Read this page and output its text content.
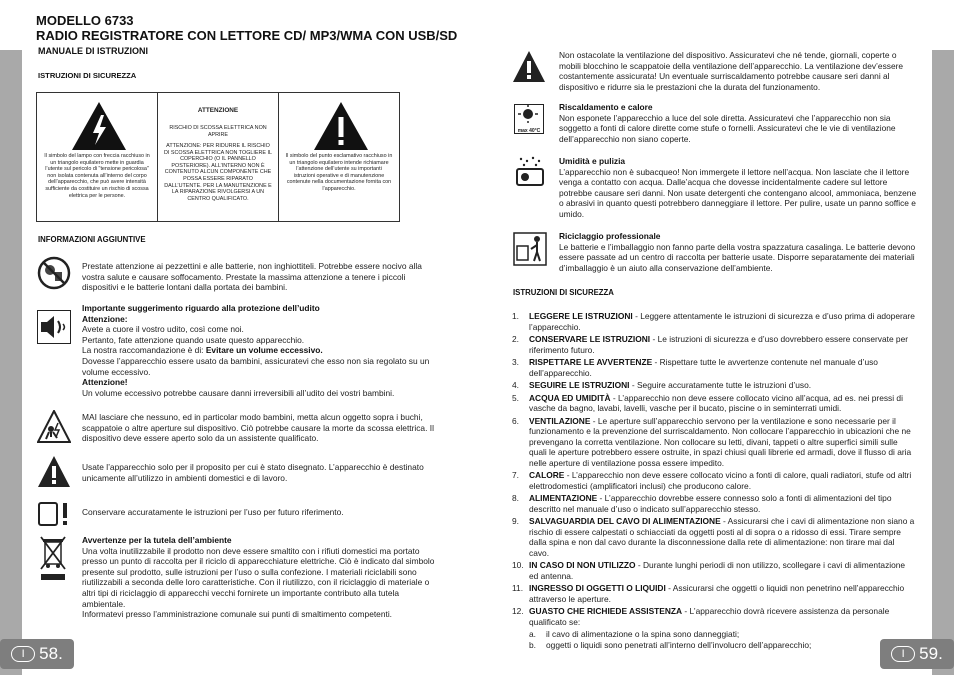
MODELLO 6733
RADIO REGISTRATORE CON LETTORE CD/ MP3/WMA CON USB/SD
MANUALE DI ISTRUZIONI
ISTRUZIONI DI SICUREZZA
Il simbolo del lampo con freccia racchiuso in un triangolo equilatero mette in guardia l’utente sul pericolo di "tensione pericolosa" non isolata contenuta all’interno del corpo dell’apparecchio, che può avere intensità sufficiente da costituire un rischio di scossa elettrica per le persone.
ATTENZIONE
RISCHIO DI SCOSSA ELETTRICA NON APRIRE
ATTENZIONE: PER RIDURRE IL RISCHIO DI SCOSSA ELETTRICA NON TOGLIERE IL COPERCHIO (O IL PANNELLO POSTERIORE). ALL’INTERNO NON È CONTENUTO ALCUN COMPONENTE CHE POSSA ESSERE RIPARATO DALL’UTENTE. PER LA MANUTENZIONE E LA RIPARAZIONE RIVOLGERSI A UN CENTRO QUALIFICATO.
Il simbolo del punto esclamativo racchiuso in un triangolo equilatero intende richiamare l’attenzione dell’utente su importanti istruzioni operative e di manutenzione contenute nella documentazione fornita con l’apparecchio.
INFORMAZIONI AGGIUNTIVE
Prestate attenzione ai pezzettini e alle batterie, non inghiottiteli. Potrebbe essere nocivo alla vostra salute e causare soffocamento. Prestate la massima attenzione a tenere i piccoli dispositivi e le batterie lontani dalla portata dei bambini.
Importante suggerimento riguardo alla protezione dell’udito
Attenzione:
Avete a cuore il vostro udito, così come noi.
Pertanto, fate attenzione quando usate questo apparecchio.
La nostra raccomandazione è di: Evitare un volume eccessivo.
Dovesse l’apparecchio essere usato da bambini, assicuratevi che esso non sia regolato su un volume eccessivo.
Attenzione!
Un volume eccessivo potrebbe causare danni irreversibili all’udito dei vostri bambini.
MAI lasciare che nessuno, ed in particolar modo bambini, metta alcun oggetto sopra i buchi, scappatoie o altre aperture sul dispositivo. Ciò potrebbe causare la morte da scossa elettrica. Il dispositivo deve essere aperto solo da un assistente qualificato.
Usate l’apparecchio solo per il proposito per cui è stato disegnato. L’apparecchio è destinato unicamente all’utilizzo in ambienti domestici e di lavoro.
Conservare accuratamente le istruzioni per l’uso per futuro riferimento.
Avvertenze per la tutela dell’ambiente
Una volta inutilizzabile il prodotto non deve essere smaltito con i rifiuti domestici ma portato presso un punto di raccolta per il riciclo di apparecchiature elettriche. Ciò è indicato dal simbolo presente sul prodotto, sulle istruzioni per l’uso o sulla confezione. I materiali riciclabili sono riutilizzabili a seconda delle loro caratteristiche. Con il riutilizzo, con il riciclaggio di materiale o altri tipi di riciclaggio di apparecchi vecchi fornirete un importante contributo alla tutela ambientale.
Informatevi presso l’amministrazione comunale sui punti di smaltimento competenti.
I 58.
Non ostacolate la ventilazione del dispositivo. Assicuratevi che né tende, giornali, coperte o mobili blocchino le scappatoie della ventilazione dell’apparecchio. La ventilazione dev’essere costantemente assicurata! Un eventuale surriscaldamento potrebbe causare seri danni al dispositivo e ridurre sia le prestazioni che la durata del funzionamento.
max 40°C
Riscaldamento e calore
Non esponete l’apparecchio a luce del sole diretta. Assicuratevi che l’apparecchio non sia soggetto a fonti di calore dirette come stufe o fornelli. Assicuratevi che le vie di ventilazione dell’apparecchio non siano coperte.
Umidità e pulizia
L’apparecchio non è subacqueo! Non immergete il lettore nell’acqua. Non lasciate che il lettore venga a contatto con acqua. Dalle’acqua che dovesse incidentalmente cadere sul lettore potrebbe causare seri danni. Non usate detergenti che contengano alcool, ammoniaca, benzene o abrasivi in quanto questi potrebbero danneggiare il lettore. Per pulire, usate un panno soffice e umido.
Riciclaggio professionale
Le batterie e l’imballaggio non fanno parte della vostra spazzatura casalinga. Le batterie devono essere passate ad un centro di raccolta per batterie usate. Disporre separatamente dei materiali d’imballaggio è un aiuto alla conservazione dell’ambiente.
ISTRUZIONI DI SICUREZZA
1.	LEGGERE LE ISTRUZIONI - Leggere attentamente le istruzioni di sicurezza e d’uso prima di adoperare l’apparecchio.
2.	CONSERVARE LE ISTRUZIONI - Le istruzioni di sicurezza e d’uso dovrebbero essere conservate per riferimento futuro.
3.	RISPETTARE LE AVVERTENZE - Rispettare tutte le avvertenze contenute nel manuale d’uso dell’apparecchio.
4.	SEGUIRE LE ISTRUZIONI - Seguire accuratamente tutte le istruzioni d’uso.
5.	ACQUA ED UMIDITÀ - L’apparecchio non deve essere collocato vicino all’acqua, ad es. nei pressi di vasche da bagno, lavabi, lavelli, vasche per il bucato, piscine o in seminterrati umidi.
6.	VENTILAZIONE - Le aperture sull’apparecchio servono per la ventilazione e sono necessarie per il funzionamento e la prevenzione del surriscaldamento. Non collocare l’apparecchio in ubicazioni che ne prevengano la corretta ventilazione. Non collocare su letti, divani, tappeti o altre superfici simili sulle quali le aperture potrebbero essere ostruite, in spazi chiusi quali librerie ed armadi, dove il flusso di aria nelle aperture di ventilazione possa essere impedito.
7.	CALORE - L’apparecchio non deve essere collocato vicino a fonti di calore, quali radiatori, stufe od altri elettrodomestici (amplificatori inclusi) che producono calore.
8.	ALIMENTAZIONE - L’apparecchio dovrebbe essere connesso solo a fonti di alimentazioni del tipo descritto nel manuale d’uso o indicato sull’apparecchio stesso.
9.	SALVAGUARDIA DEL CAVO DI ALIMENTAZIONE - Assicurarsi che i cavi di alimentazione non siano a rischio di essere calpestati o schiacciati da oggetti posti al di sopra o a ridosso di essi. Tirare sempre dalla spina e non dal cavo durante la disconnessione dalla rete di alimentazione: non tirare mai dal cavo.
10. IN CASO DI NON UTILIZZO - Durante lunghi periodi di non utilizzo, scollegare i cavi di alimentazione ed antenna.
11. INGRESSO DI OGGETTI O LIQUIDI - Assicurarsi che oggetti o liquidi non penetrino nell’apparecchio attraverso le aperture.
12. GUASTO CHE RICHIEDE ASSISTENZA - L’apparecchio dovrà ricevere assistenza da personale qualificato se:
a.	il cavo di alimentazione o la spina sono danneggiati;
b.	oggetti o liquidi sono penetrati all’interno dell’involucro dell’apparecchio;
I 59.
